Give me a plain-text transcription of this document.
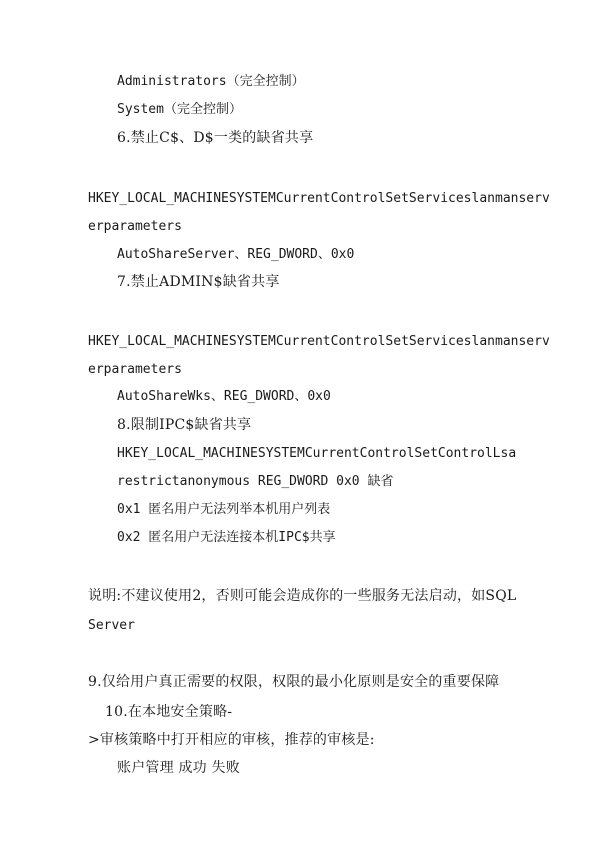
Administrators（完全控制）
System（完全控制）
6.禁止C$、D$一类的缺省共享
HKEY_LOCAL_MACHINESYSTEMCurrentControlSetServiceslanmanserv
erparameters
AutoShareServer、REG_DWORD、0x0
7.禁止ADMIN$缺省共享
HKEY_LOCAL_MACHINESYSTEMCurrentControlSetServiceslanmanserv
erparameters
AutoShareWks、REG_DWORD、0x0
8.限制IPC$缺省共享
HKEY_LOCAL_MACHINESYSTEMCurrentControlSetControlLsa
restrictanonymous REG_DWORD 0x0 缺省
0x1 匿名用户无法列举本机用户列表
0x2 匿名用户无法连接本机IPC$共享
说明:不建议使用2，否则可能会造成你的一些服务无法启动，如SQL
Server
9.仅给用户真正需要的权限，权限的最小化原则是安全的重要保障
10.在本地安全策略-
>审核策略中打开相应的审核，推荐的审核是:
账户管理 成功 失败
